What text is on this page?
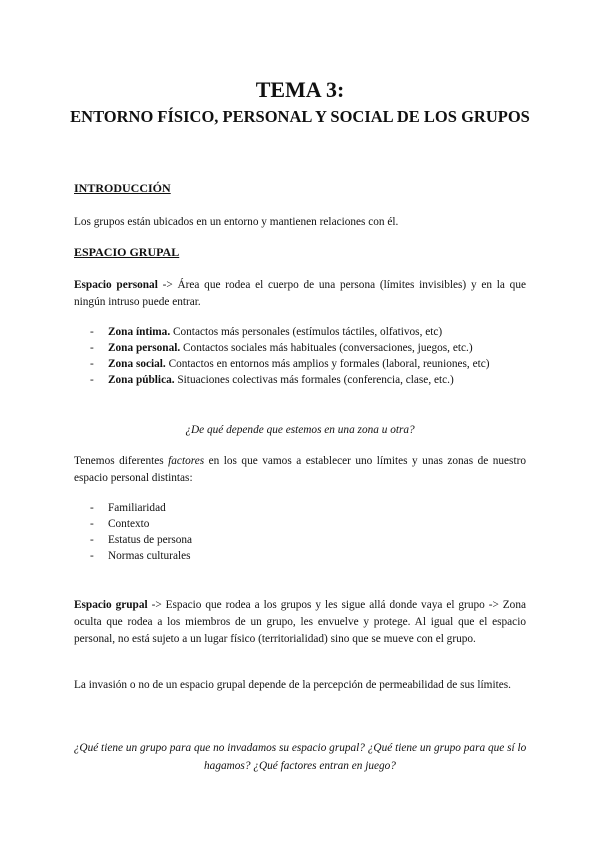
TEMA 3:
ENTORNO FÍSICO, PERSONAL Y SOCIAL DE LOS GRUPOS
INTRODUCCIÓN
Los grupos están ubicados en un entorno y mantienen relaciones con él.
ESPACIO GRUPAL
Espacio personal -> Área que rodea el cuerpo de una persona (límites invisibles) y en la que ningún intruso puede entrar.
-	Zona íntima. Contactos más personales (estímulos táctiles, olfativos, etc)
-	Zona personal. Contactos sociales más habituales (conversaciones, juegos, etc.)
-	Zona social. Contactos en entornos más amplios y formales (laboral, reuniones, etc)
-	Zona pública. Situaciones colectivas más formales (conferencia, clase, etc.)
¿De qué depende que estemos en una zona u otra?
Tenemos diferentes factores en los que vamos a establecer uno límites y unas zonas de nuestro espacio personal distintas:
-	Familiaridad
-	Contexto
-	Estatus de persona
-	Normas culturales
Espacio grupal -> Espacio que rodea a los grupos y les sigue allá donde vaya el grupo -> Zona oculta que rodea a los miembros de un grupo, les envuelve y protege. Al igual que el espacio personal, no está sujeto a un lugar físico (territorialidad) sino que se mueve con el grupo.
La invasión o no de un espacio grupal depende de la percepción de permeabilidad de sus límites.
¿Qué tiene un grupo para que no invadamos su espacio grupal? ¿Qué tiene un grupo para que sí lo hagamos? ¿Qué factores entran en juego?
